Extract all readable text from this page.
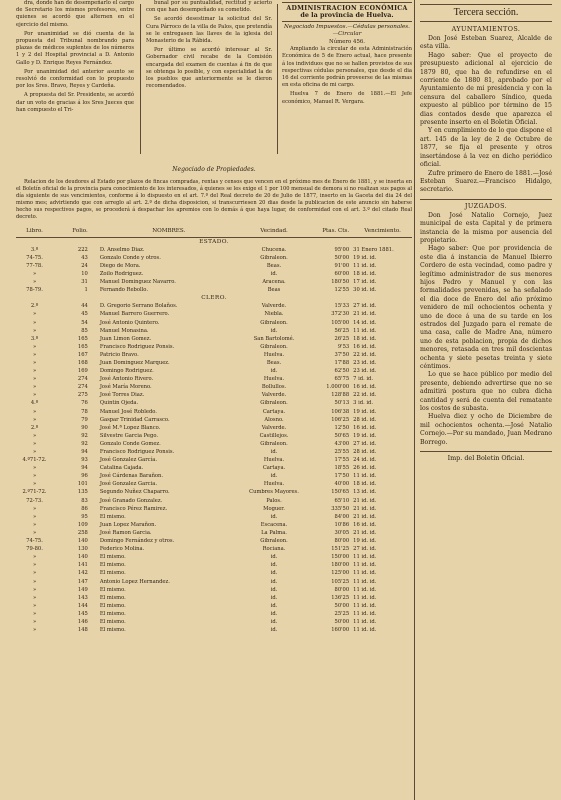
dra, donde han de desempeñarlo el cargo de Secretario los mismos profesores, entre quienes se acordó que alternen en el ejercicio del mismo.

Por unanimidad se dió cuenta de la propuesta del Tribunal nombrando para plazas de médicos suplentes de los números 1 y 2 del Hospital provincial a D. Antonio Gallo y D. Enrique Reyes Fernández.

Por unanimidad del anterior asunto se resolvió de conformidad con lo propuesto por los Sres. Bravo, Reyes y Cardeña.

A propuesta del Sr. Presidente, se acordó dar un voto de gracias á los Sres Jueces que han compuesto el Tri-

bunal por su puntualidad, rectitud y acierto con que han desempeñado su cometido.

Se acordó desestimar la solicitud del Sr. Cura Párroco de la villa de Palos, que pretendía se le entregasen las llaves de la iglesia del Monasterio de la Rábida.

Por último se acordó interesar al Sr. Gobernador civil recabe de la Comisión encargada del examen de cuentas á fin de que se obtenga lo posible, y con especialidad la de los pueblos que anteriormente se le dieron recomendados.

ADMINISTRACION ECONÓMICA
de la provincia de Huelva.
Negociado Impuestos.—Cédulas personales.—Circular
Número 456.

Ampliando la circular de esta Administración Económica de 5 de Enero actual, hace presente á los individuos que no se hallen provistos de sus respectivas cédulas personales, que desde el dia 16 del corriente podrán proveerse de las mismas en esta oficina de mi cargo.

Huelva 7 de Enero de 1881.—El Jefe económico, Manuel R. Vergara.

Negociado de Propiedades.

Relacion de los deudores al Estado por plazos de fincas compradas, rentas y censos que vencen en el próximo mes de Enero de 1881, y se inserta en el Boletín oficial de la provincia para conocimiento de los interesados, á quienes se les exige el 1 por 100 mensual de demora si no realizan sus pagos al día siguiente de sus vencimientos, conforme á lo dispuesto en el art. 7.º del Real decreto de 20 de Julio de 1877, inserto en la Gaceta del dia 24 del mismo mes; advirtiendo que con arreglo al art. 2.º de dicha disposicion, si transcurriesen 20 dias desde la publicacion de este anuncio sin haberse hecho sus respectivos pagos, se procederá á despachar los apremios con lo demás á que haya lugar, de conformidad con el art. 3.º del citado Real decreto.

Libro.	Folio.	NOMBRES.	Vecindad.	Ptas. Cts.	Vencimiento.
ESTADO.					
3.º	222	D. Anselmo Diaz.	Chucena.	95'00	31 Enero 1881.
74-75.	43	Gonzalo Conde y otros.	Gibraleon.	50'00	19 id. id.
77-78.	24	Diego de Mora.	Beas.	91'00	11 id. id.
»	10	Zoilo Rodriguez.	id.	60'00	18 id. id.
»	31	Manuel Dominguez Navarro.	Aracena.	180'50	17 id. id.
78-79.	1	Fernando Rebollo.	Beas	12'55	30 id. id.
CLERO.					
2.º	44	D. Gregorio Serrano Bolaños.	Valverde.	15'33	27 id. id.
»	45	Manuel Barrero Guerrero.	Niebla.	372'30	21 id. id.
»	54	José Antonio Quintero.	Gibraleon.	105'00	14 id. id.
»	85	Manuel Monasina.	id.	56'25	11 id. id.
3.º	165	Juan Limon Gomez.	San Bartolomé.	26'25	18 id. id.
»	165	Francisco Rodriguez Ponsis.	Gibraleon.	9'53	16 id. id.
»	167	Patricio Bravo.	Huelva.	37'50	22 id. id.
»	168	Juan Dominguez Marquez.	Beas.	17'88	23 id. id.
»	169	Domingo Rodriguez.	id.	62'50	23 id. id.
»	274	José Antonio Rivero.	Huelva.	65'75	7 id. id.
»	274	José María Moreno.	Bollullos.	1.000'00	16 id. id.
»	275	José Torres Diaz.	Valverde.	128'88	22 id. id.
4.º	76	Quintin Ojeda.	Gibraleon.	50'13	3 id. id.
»	78	Manuel José Robledo.	Cartaya.	106'38	19 id. id.
»	79	Gaspar Trinidad Carrasco.	Alosno.	106'25	28 id. id.
2.º	90	José M.ª Lopez Blanco.	Valverde.	12'50	16 id. id.
»	92	Silvestre Garcia Pego.	Castillejos.	50'65	19 id. id.
»	92	Gonzalo Conde Gomez.	Gibraleon.	43'00	27 id. id.
»	94	Francisco Rodriguez Ponsis.	id.	25'55	28 id. id.
4.º71-72.	93	José Gonzalez García.	Huelva.	17'55	24 id. id.
»	94	Catalina Cajada.	Cartaya.	18'55	26 id. id.
»	96	José Cárdenas Barañon.	id.	17'50	11 id. id.
»	101	José Gonzalez Garcia.	Huelva.	40'00	18 id. id.
2.º71-72.	135	Segundo Nuñez Chaparro.	Cumbres Mayores.	150'65	13 id. id.
72-73.	83	José Granado Gonzalez.	Palos.	65'10	21 id. id.
»	86	Francisco Pérez Ramirez.	Moguer.	335'50	21 id. id.
»	95	El mismo.	id.	84'00	21 id. id.
»	109	Juan Lopez Marañon.	Escacena.	10'86	16 id. id.
»	258	José Ramon Garcia.	La Palma.	30'05	21 id. id.
74-75.	140	Domingo Fernández y otros.	Gibraleon.	80'00	19 id. id.
79-80.	130	Federico Molina.	Rociana.	151'25	27 id. id.
»	140	El mismo.	id.	150'00	11 id. id.
»	141	El mismo.	id.	180'00	11 id. id.
»	142	El mismo.	id.	125'00	11 id. id.
»	147	Antonio Lopez Hernandez.	id.	105'25	11 id. id.
»	149	El mismo.	id.	80'00	11 id. id.
»	143	El mismo.	id.	136'25	11 id. id.
»	144	El mismo.	id.	50'00	11 id. id.
»	145	El mismo.	id.	25'25	11 id. id.
»	146	El mismo.	id.	50'00	11 id. id.
»	148	El mismo.	id.	160'00	11 id. id.
Tercera sección.
AYUNTAMIENTOS.

Don José Esteban Suarez, Alcalde de esta villa.

Hago saber: Que el proyecto de presupuesto adicional al ejercicio de 1879 80, que ha de refundirse en el corriente de 1880 81, aprobado por el Ayuntamiento de mi presidencia y con la censura del caballero Síndico, queda expuesto al público por término de 15 dias contados desde que aparezca el presente inserto en el Boletin Oficial.

Y en cumplimiento de lo que dispone el art. 145 de la ley de 2 de Octubre de 1877, se fija el presente y otros insertándose á la vez en dicho periódico oficial.

Zufre primero de Enero de 1881.—José Esteban Suarez.—Francisco Hidalgo, secretario.

JUZGADOS.

Don José Natalio Cornejo, Juez municipal de esta Capital y de primera instancia de la misma por ausencia del propietario.

Hago saber: Que por providencia de este dia á instancia de Manuel Ibierro Cordero de esta vecindad, como padre y legítimo administrador de sus menores hijos Pedro y Manuel y con las formalidades prevenidas, se ha señalado el dia doce de Enero del año próximo venidero de mil ochocientos ochenta y uno de doce á una de su tarde en los estrados del Juzgado para el remate de una casa, calle de Madre Ana, número uno de esta poblacion, propia de dichos menores, retasada en tres mil doscientas ochenta y siete pesetas treinta y siete céntimos.

Lo que se hace público por medio del presente, debiendo advertirse que no se admitirá postura que no cubra dicha cantidad y será de cuenta del rematante los costos de subasta.

Huelva diez y ocho de Diciembre de mil ochocientos ochenta.—José Natalio Cornejo.—Por su mandado, Juan Medrano Borrego.

Imp. del Boletin Oficial.
